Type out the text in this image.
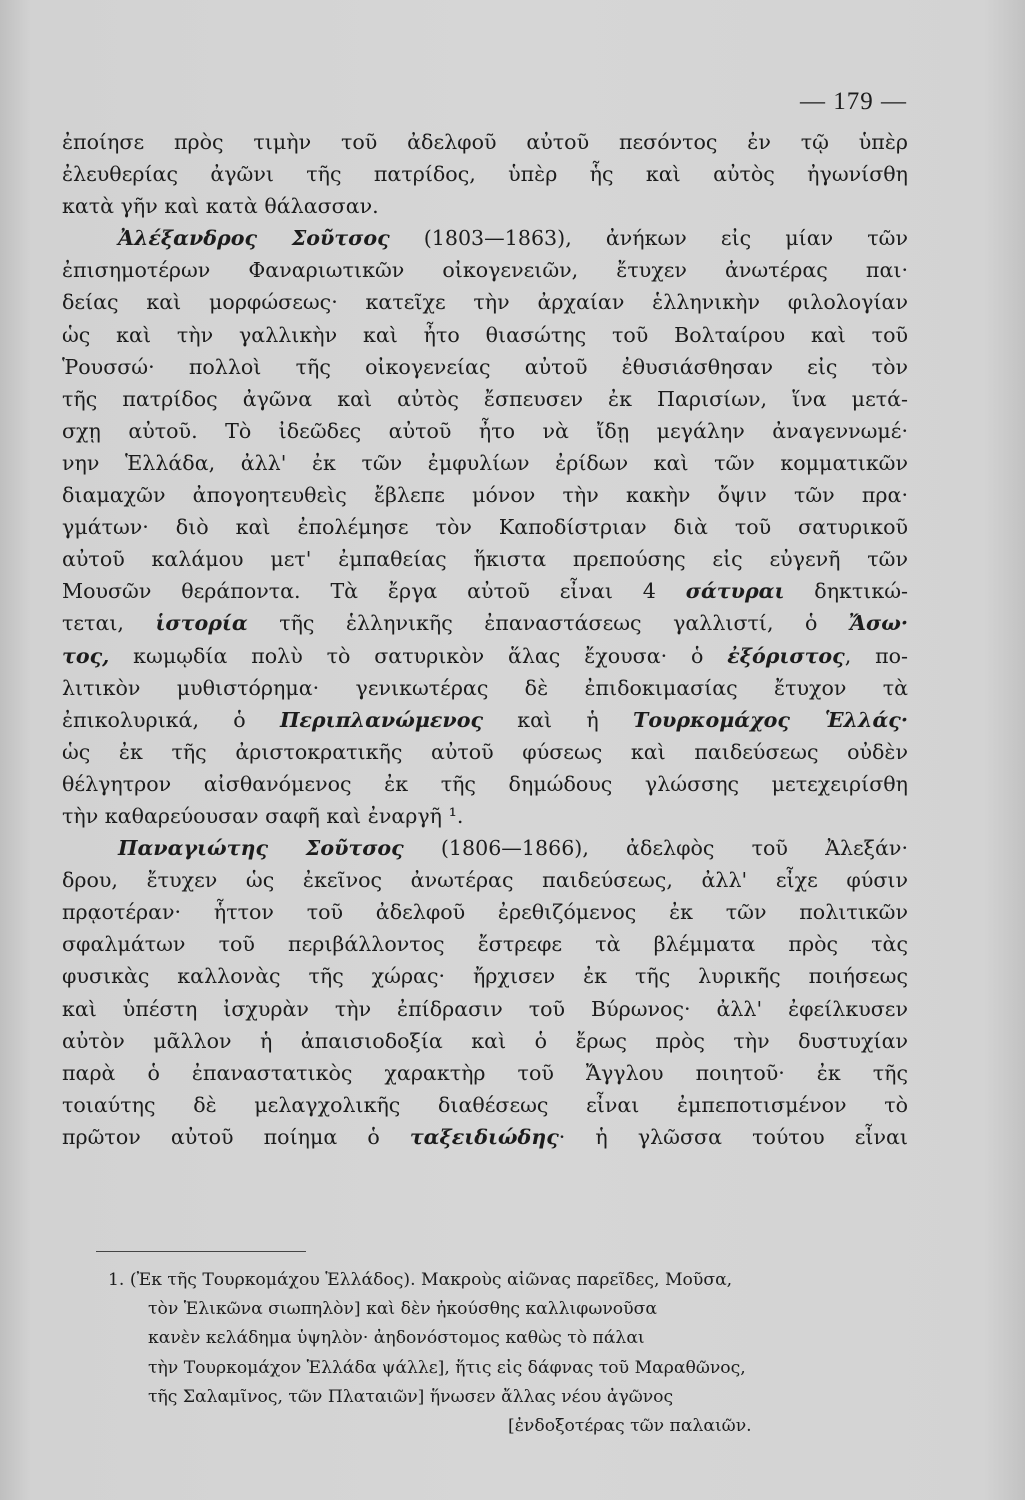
— 179 —
ἐποίησε πρὸς τιμὴν τοῦ ἀδελφοῦ αὐτοῦ πεσόντος ἐν τῷ ὑπὲρ
ἐλευθερίας ἀγῶνι τῆς πατρίδος, ὑπὲρ ἧς καὶ αὐτὸς ἠγωνίσθη
κατὰ γῆν καὶ κατὰ θάλασσαν.
Ἀλέξανδρος Σοῦτσος (1803—1863), ἀνήκων εἰς μίαν τῶν
ἐπισημοτέρων Φαναριωτικῶν οἰκογενειῶν, ἔτυχεν ἀνωτέρας παι·
δείας καὶ μορφώσεως· κατεῖχε τὴν ἀρχαίαν ἑλληνικὴν φιλολογίαν
ὡς καὶ τὴν γαλλικὴν καὶ ἦτο θιασώτης τοῦ Βολταίρου καὶ τοῦ
Ῥουσσώ· πολλοὶ τῆς οἰκογενείας αὐτοῦ ἐθυσιάσθησαν εἰς τὸν
τῆς πατρίδος ἀγῶνα καὶ αὐτὸς ἔσπευσεν ἐκ Παρισίων, ἵνα μετά-
σχῃ αὐτοῦ. Τὸ ἰδεῶδες αὐτοῦ ἦτο νὰ ἴδῃ μεγάλην ἀναγεννωμέ·
νην Ἑλλάδα, ἀλλ' ἐκ τῶν ἐμφυλίων ἐρίδων καὶ τῶν κομματικῶν
διαμαχῶν ἀπογοητευθεὶς ἔβλεπε μόνον τὴν κακὴν ὄψιν τῶν πρα·
γμάτων· διὸ καὶ ἐπολέμησε τὸν Καποδίστριαν διὰ τοῦ σατυρικοῦ
αὐτοῦ καλάμου μετ' ἐμπαθείας ἥκιστα πρεπούσης εἰς εὐγενῆ τῶν
Μουσῶν θεράποντα. Τὰ ἔργα αὐτοῦ εἶναι 4 σάτυραι δηκτικώ-
τεται, ἱστορία τῆς ἑλληνικῆς ἐπαναστάσεως γαλλιστί, ὁ Ἄσω·
τος, κωμῳδία πολὺ τὸ σατυρικὸν ἅλας ἔχουσα· ὁ ἐξόριστος, πο-
λιτικὸν μυθιστόρημα· γενικωτέρας δὲ ἐπιδοκιμασίας ἔτυχον τὰ
ἐπικολυρικά, ὁ Περιπλανώμενος καὶ ἡ Τουρκομάχος Ἑλλάς·
ὡς ἐκ τῆς ἀριστοκρατικῆς αὐτοῦ φύσεως καὶ παιδεύσεως οὐδὲν
θέλγητρον αἰσθανόμενος ἐκ τῆς δημώδους γλώσσης μετεχειρίσθη
τὴν καθαρεύουσαν σαφῆ καὶ ἐναργῆ ¹.
Παναγιώτης Σοῦτσος (1806—1866), ἀδελφὸς τοῦ Ἀλεξάν·
δρου, ἔτυχεν ὡς ἐκεῖνος ἀνωτέρας παιδεύσεως, ἀλλ' εἶχε φύσιν
πρᾳοτέραν· ἧττον τοῦ ἀδελφοῦ ἐρεθιζόμενος ἐκ τῶν πολιτικῶν
σφαλμάτων τοῦ περιβάλλοντος ἔστρεφε τὰ βλέμματα πρὸς τὰς
φυσικὰς καλλονὰς τῆς χώρας· ἤρχισεν ἐκ τῆς λυρικῆς ποιήσεως
καὶ ὑπέστη ἰσχυρὰν τὴν ἐπίδρασιν τοῦ Βύρωνος· ἀλλ' ἐφείλκυσεν
αὐτὸν μᾶλλον ἡ ἀπαισιοδοξία καὶ ὁ ἔρως πρὸς τὴν δυστυχίαν
παρὰ ὁ ἐπαναστατικὸς χαρακτὴρ τοῦ Ἄγγλου ποιητοῦ· ἐκ τῆς
τοιαύτης δὲ μελαγχολικῆς διαθέσεως εἶναι ἐμπεποτισμένον τὸ
πρῶτον αὐτοῦ ποίημα ὁ ταξειδιώδης· ἡ γλῶσσα τούτου εἶναι
1. (Ἐκ τῆς Τουρκομάχου Ἑλλάδος). Μακροὺς αἰῶνας παρεῖδες, Μοῦσα,
τὸν Ἑλικῶνα σιωπηλὸν] καὶ δὲν ἠκούσθης καλλιφωνοῦσα
κανὲν κελάδημα ὑψηλὸν· ἀηδονόστομος καθὼς τὸ πάλαι
τὴν Τουρκομάχον Ἑλλάδα ψάλλε], ἥτις εἰς δάφνας τοῦ Μαραθῶνος,
τῆς Σαλαμῖνος, τῶν Πλαταιῶν] ἥνωσεν ἄλλας νέου ἀγῶνος
[ἐνδοξοτέρας τῶν παλαιῶν.
